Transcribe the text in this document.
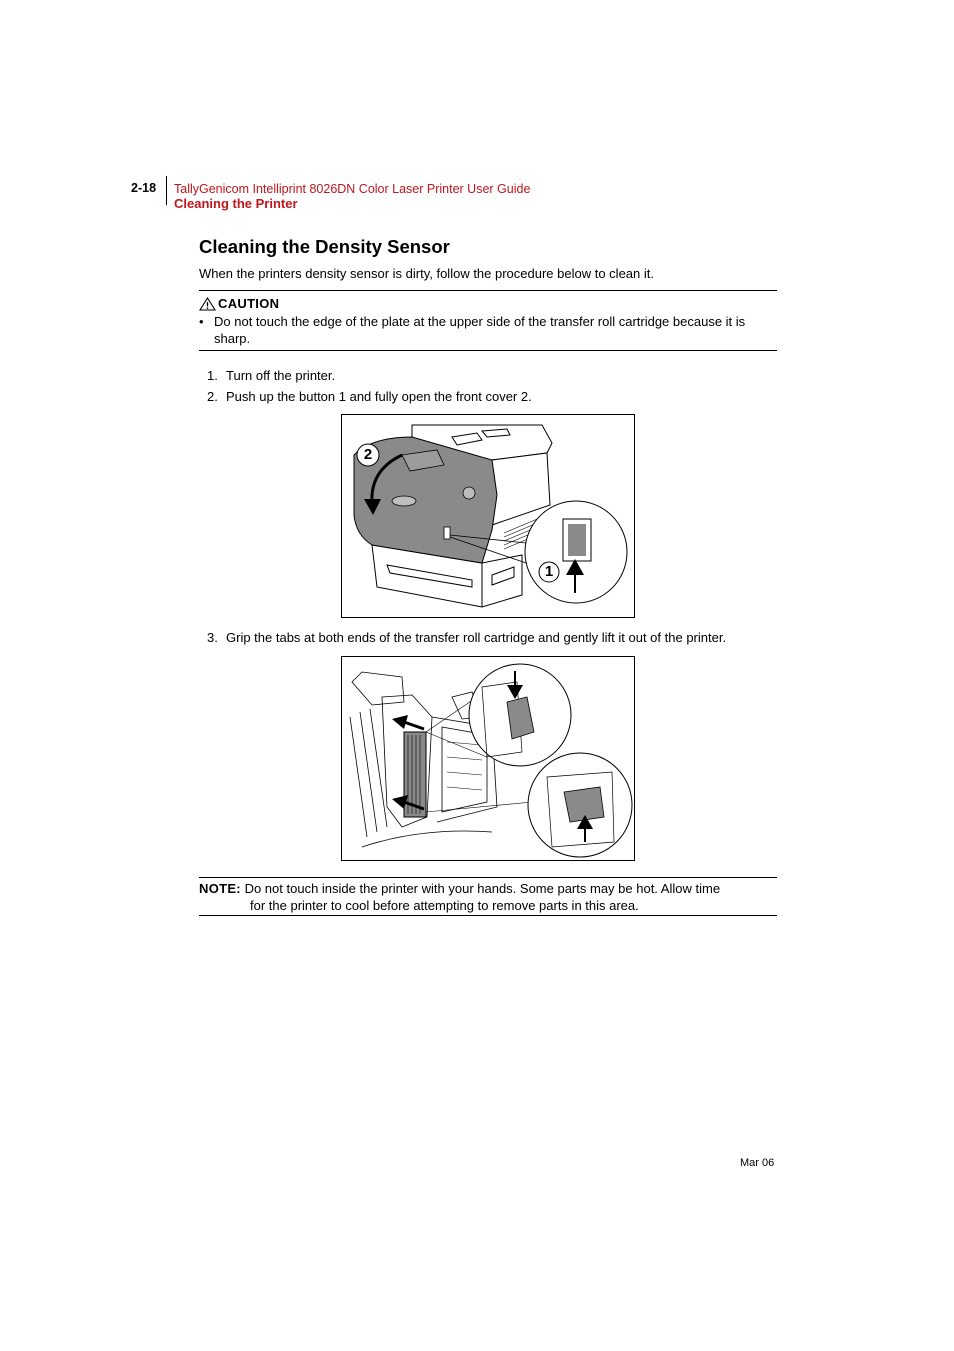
2-18 TallyGenicom Intelliprint 8026DN Color Laser Printer User Guide
Cleaning the Printer
Cleaning the Density Sensor
When the printers density sensor is dirty, follow the procedure below to clean it.
CAUTION
• Do not touch the edge of the plate at the upper side of the transfer roll cartridge because it is sharp.
1. Turn off the printer.
2. Push up the button 1 and fully open the front cover 2.
2
1
3. Grip the tabs at both ends of the transfer roll cartridge and gently lift it out of the printer.
NOTE: Do not touch inside the printer with your hands. Some parts may be hot. Allow time
for the printer to cool before attempting to remove parts in this area.
Mar 06
